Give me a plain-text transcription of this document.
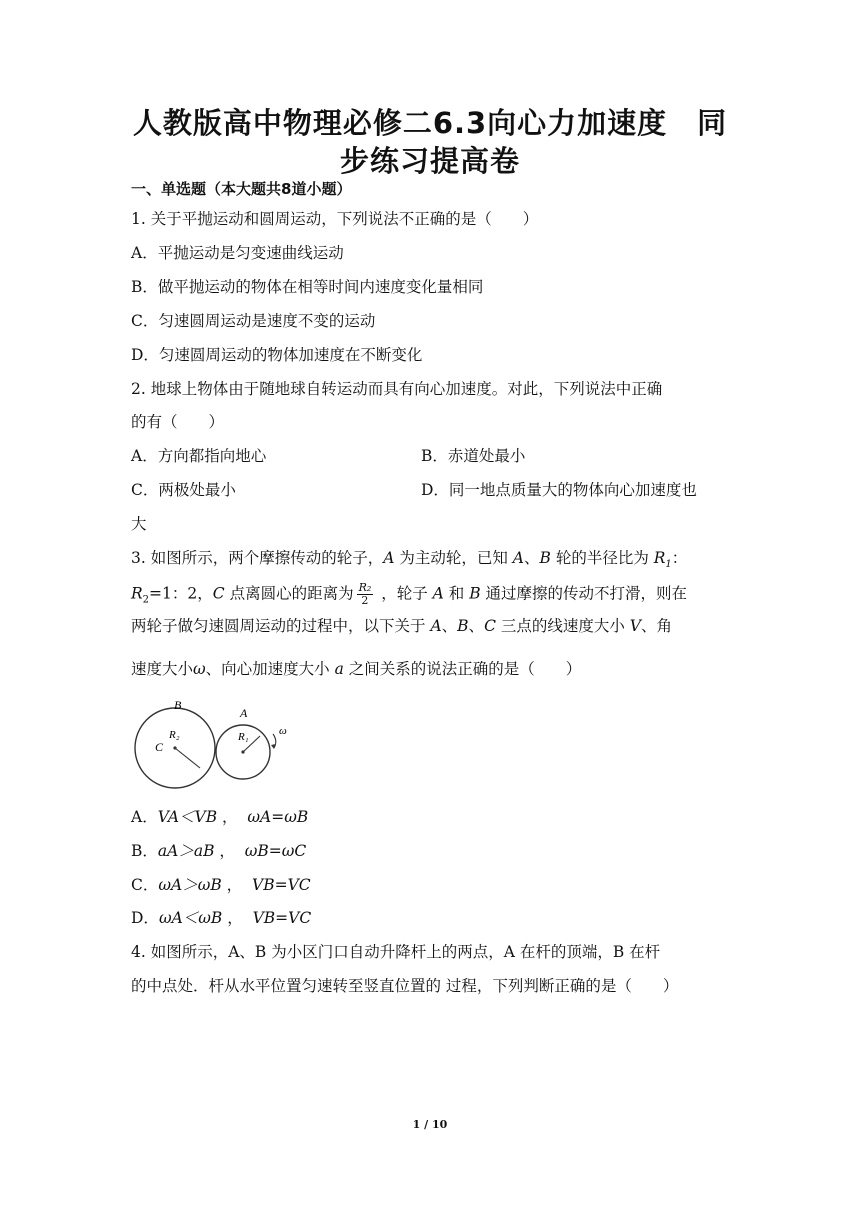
人教版高中物理必修二6.3向心力加速度　同
步练习提高卷
一、单选题（本大题共8道小题）
1. 关于平抛运动和圆周运动，下列说法不正确的是（　　）
A．平抛运动是匀变速曲线运动
B．做平抛运动的物体在相等时间内速度变化量相同
C．匀速圆周运动是速度不变的运动
D．匀速圆周运动的物体加速度在不断变化
2. 地球上物体由于随地球自转运动而具有向心加速度。对此，下列说法中正确
的有（　　）
A．方向都指向地心	B．赤道处最小
C．两极处最小	D．同一地点质量大的物体向心加速度也
大
3. 如图所示，两个摩擦传动的轮子，A 为主动轮，已知 A、B 轮的半径比为 $R_1$：
$R_2=1$：2，C 点离圆心的距离为 $\frac{\text{R₂}}{2}$ ，轮子 A 和 B 通过摩擦的传动不打滑，则在
两轮子做匀速圆周运动的过程中，以下关于 A、B、C 三点的线速度大小 V、角
速度大小ω、向心加速度大小 a 之间关系的说法正确的是（　　）
B
A
C
R₂	R₁	ω
A．VA＜VB ，  ωA=ωB
B．aA＞aB ，  ωB=ωC
C．ωA＞ωB ，  VB=VC
D．ωA＜ωB ，  VB=VC
4. 如图所示，A、B 为小区门口自动升降杆上的两点，A 在杆的顶端，B 在杆
的中点处．杆从水平位置匀速转至竖直位置的 过程，下列判断正确的是（　　）
1 / 10
